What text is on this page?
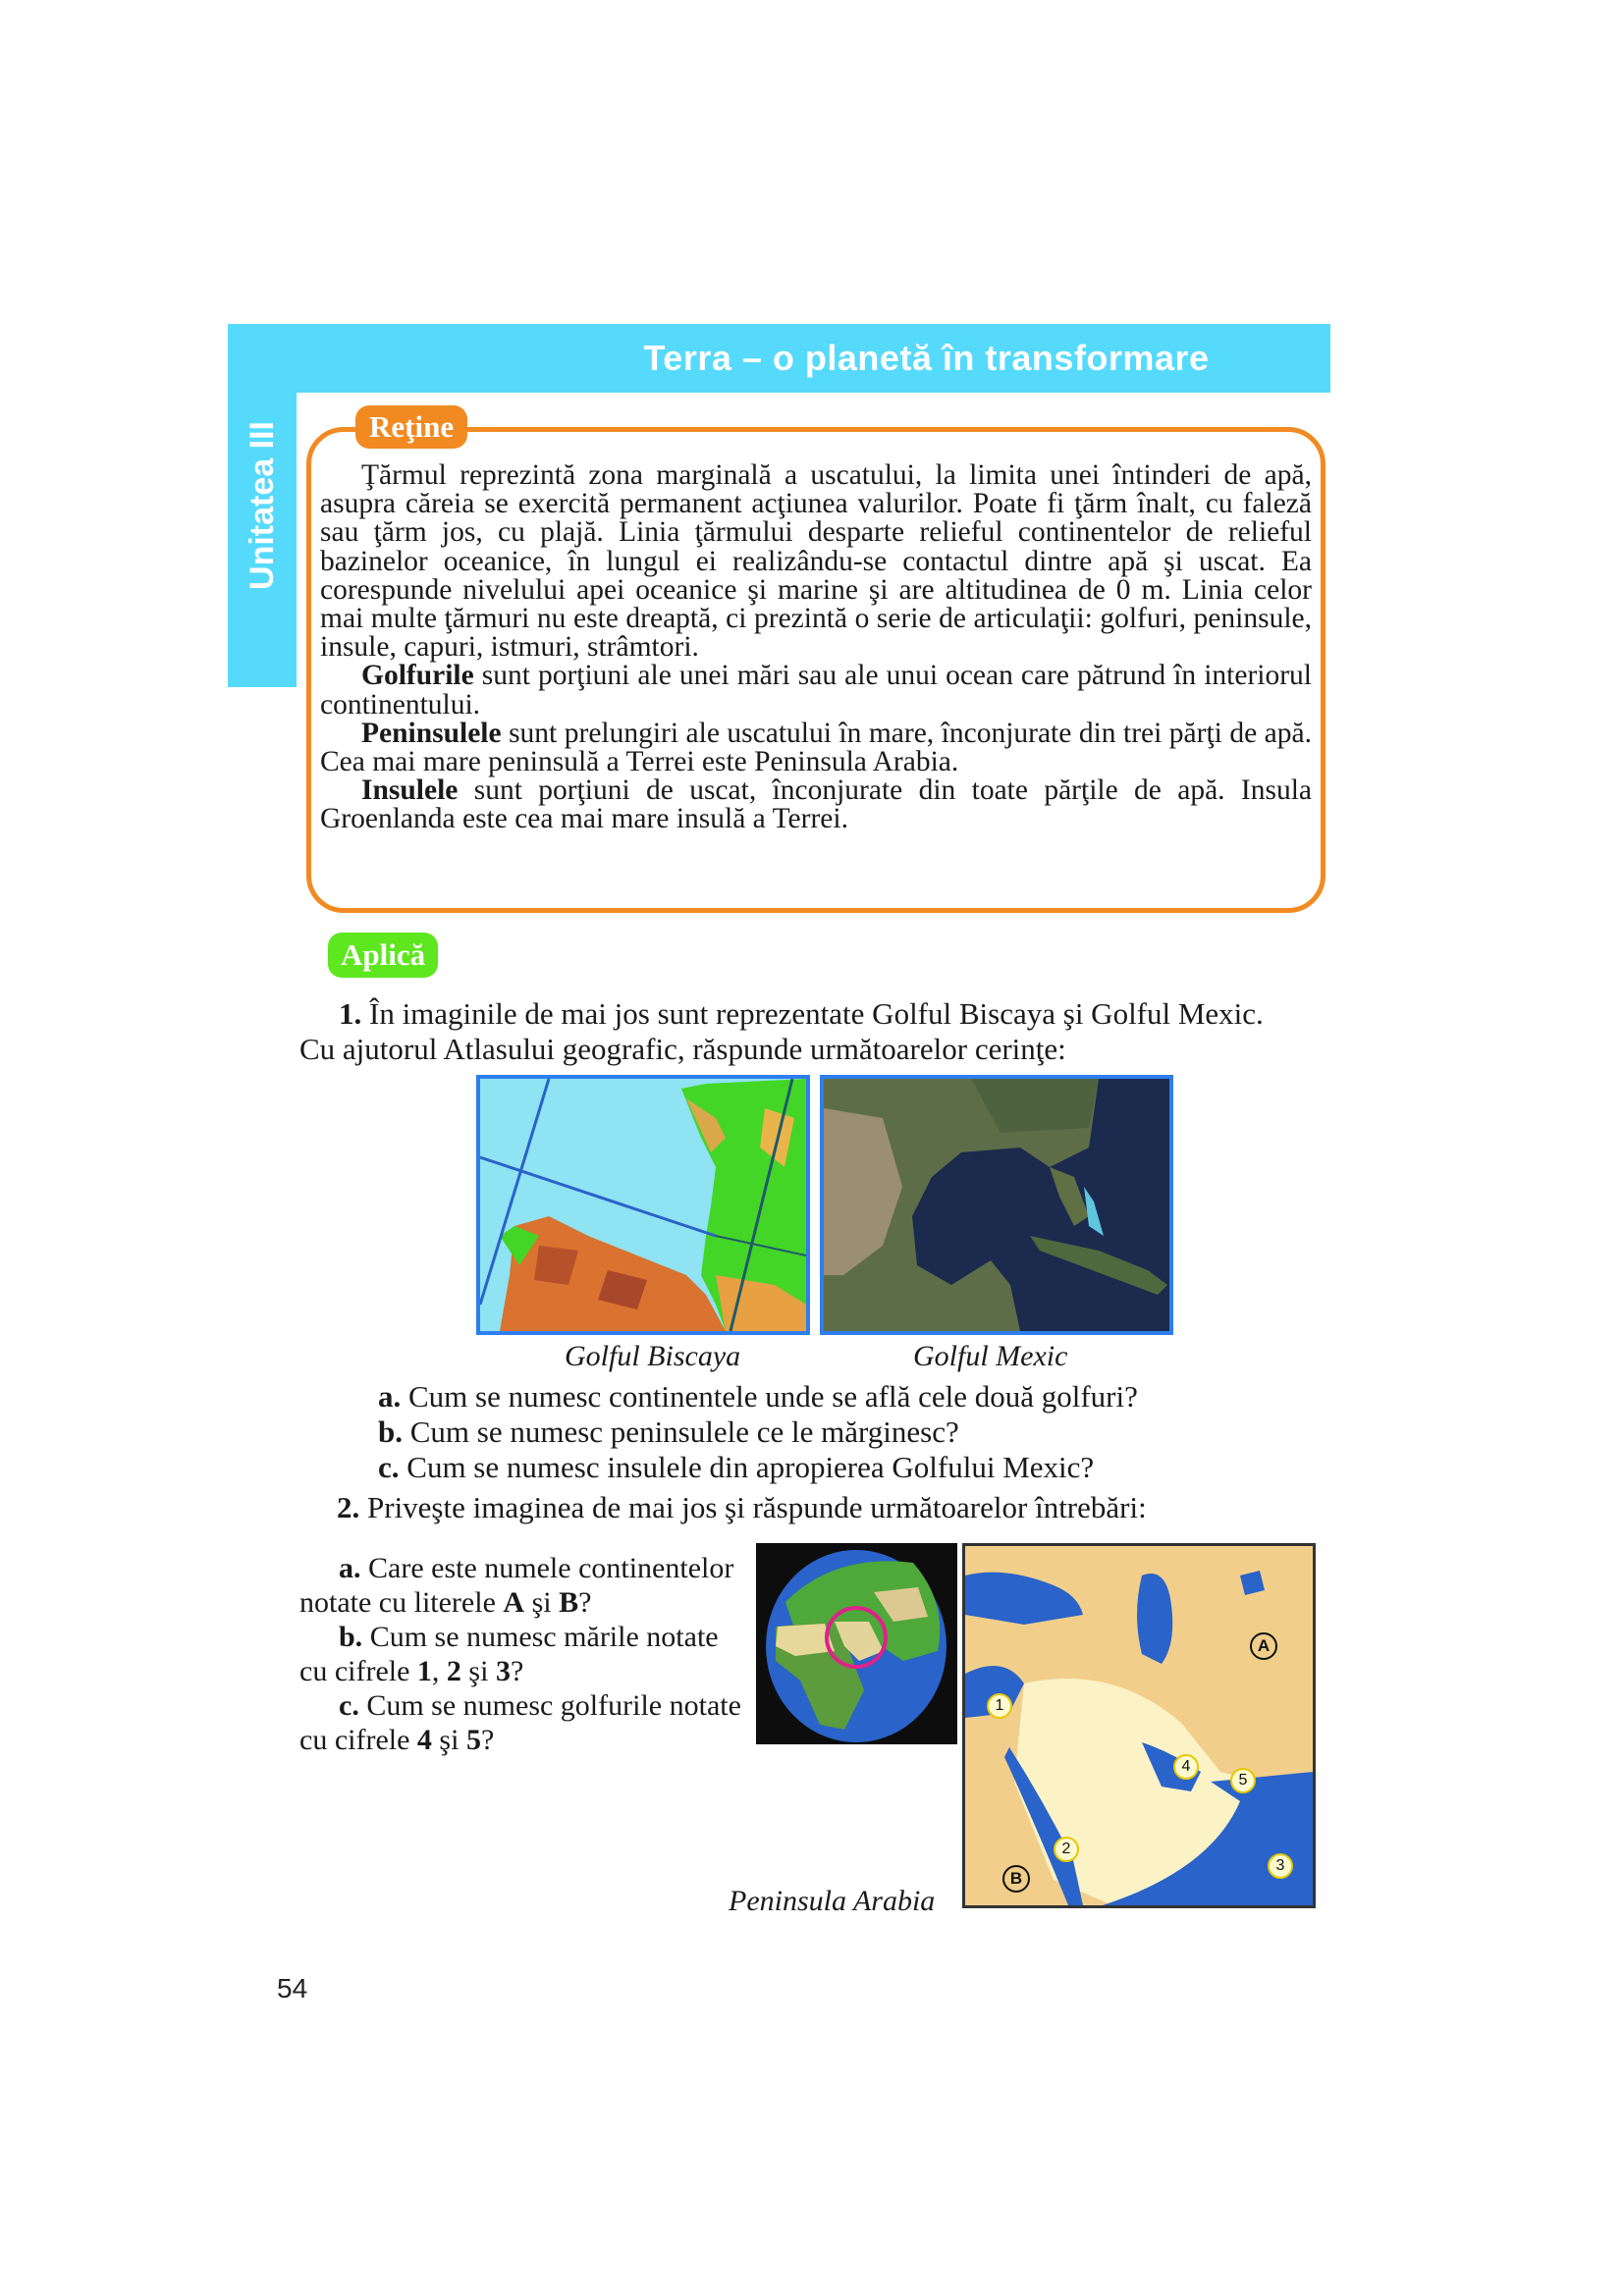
Terra – o planetă în transformare
Unitatea III	Reţine

Ţărmul reprezintă zona marginală a uscatului, la limita unei întinderi de apă, asupra căreia se exercită permanent acţiunea valurilor. Poate fi ţărm înalt, cu faleză sau ţărm jos, cu plajă. Linia ţărmului desparte relieful continentelor de relieful bazinelor oceanice, în lungul ei realizându-se contactul dintre apă şi uscat. Ea corespunde nivelului apei oceanice şi marine şi are altitudinea de 0 m. Linia celor mai multe ţărmuri nu este dreaptă, ci prezintă o serie de articulaţii: golfuri, peninsule, insule, capuri, istmuri, strâmtori.

Golfurile sunt porţiuni ale unei mări sau ale unui ocean care pătrund în interiorul continentului.

Peninsulele sunt prelungiri ale uscatului în mare, înconjurate din trei părţi de apă. Cea mai mare peninsulă a Terrei este Peninsula Arabia.

Insulele sunt porţiuni de uscat, înconjurate din toate părţile de apă. Insula Groenlanda este cea mai mare insulă a Terrei.

Aplică

1. În imaginile de mai jos sunt reprezentate Golful Biscaya şi Golful Mexic.

Cu ajutorul Atlasului geografic, răspunde următoarelor cerinţe:

Golful Biscaya	Golful Mexic

a. Cum se numesc continentele unde se află cele două golfuri?

b. Cum se numesc peninsulele ce le mărginesc?

c. Cum se numesc insulele din apropierea Golfului Mexic?

2. Priveşte imaginea de mai jos şi răspunde următoarelor întrebări:

a. Care este numele continentelor notate cu literele A şi B?

b. Cum se numesc mările notate cu cifrele 1, 2 şi 3?

c. Cum se numesc golfurile notate cu cifrele 4 şi 5?

A
B
1
2
3
4
5
Peninsula Arabia
54
